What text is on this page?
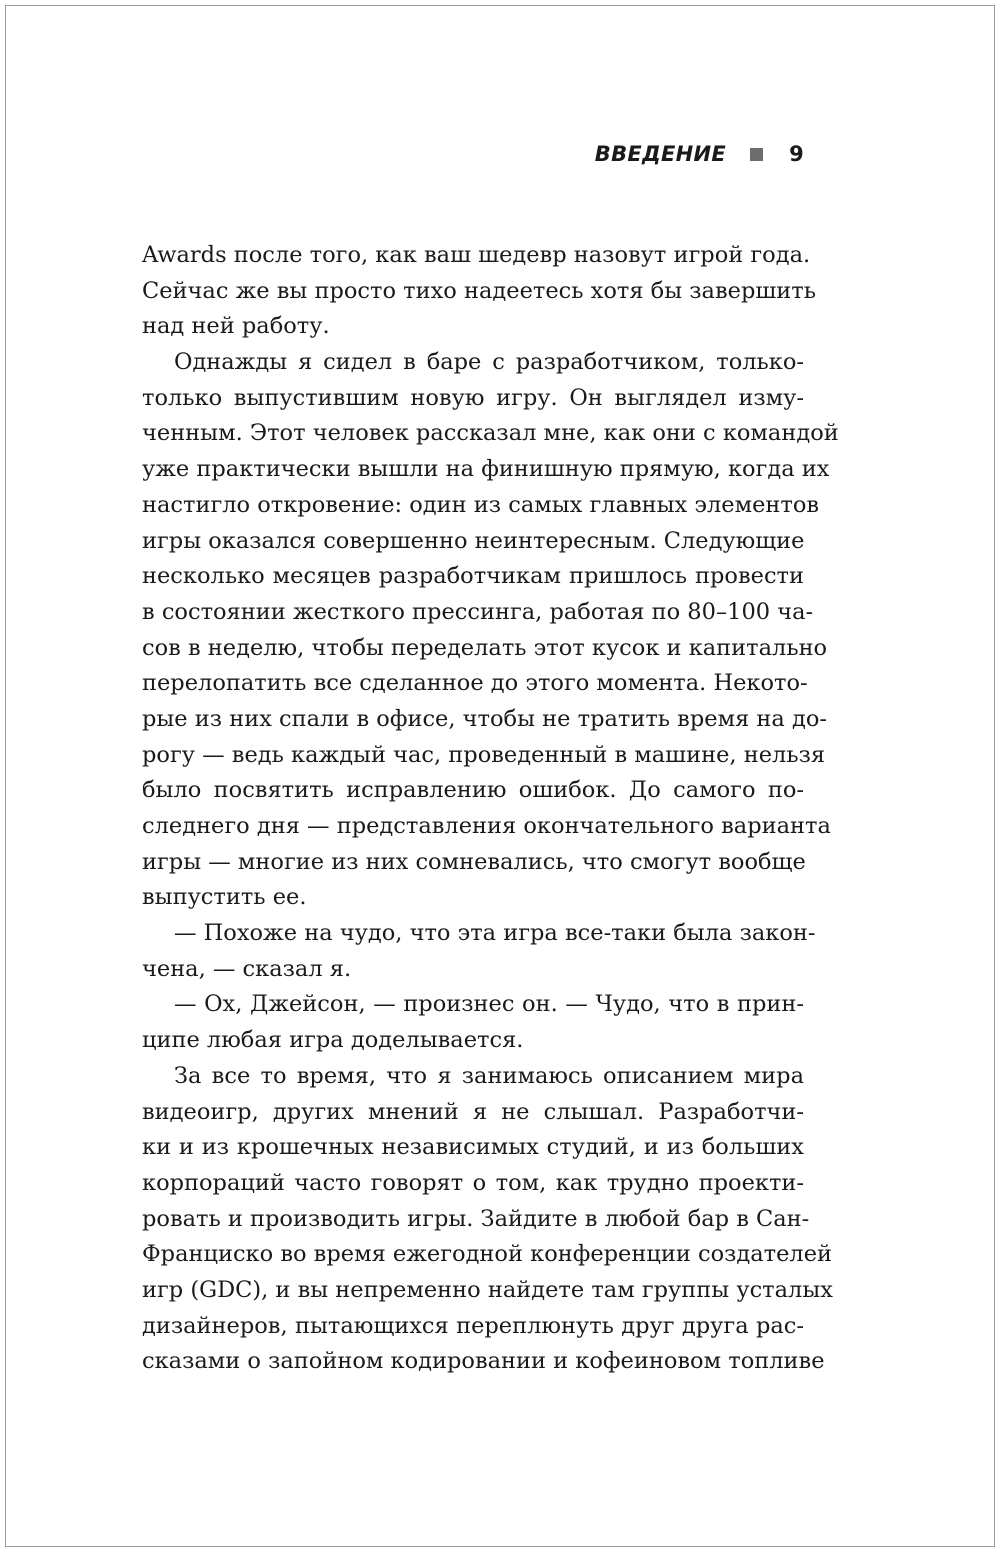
ВВЕДЕНИЕ	9
Awards после того, как ваш шедевр назовут игрой года.
Сейчас же вы просто тихо надеетесь хотя бы завершить
над ней работу.
Однажды я сидел в баре с разработчиком, только-
только выпустившим новую игру. Он выглядел изму-
ченным. Этот человек рассказал мне, как они с командой
уже практически вышли на финишную прямую, когда их
настигло откровение: один из самых главных элементов
игры оказался совершенно неинтересным. Следующие
несколько месяцев разработчикам пришлось провести
в состоянии жесткого прессинга, работая по 80–100 ча-
сов в неделю, чтобы переделать этот кусок и капитально
перелопатить все сделанное до этого момента. Некото-
рые из них спали в офисе, чтобы не тратить время на до-
рогу — ведь каждый час, проведенный в машине, нельзя
было посвятить исправлению ошибок. До самого по-
следнего дня — представления окончательного варианта
игры — многие из них сомневались, что смогут вообще
выпустить ее.
— Похоже на чудо, что эта игра все-таки была закон-
чена, — сказал я.
— Ох, Джейсон, — произнес он. — Чудо, что в прин-
ципе любая игра доделывается.
За все то время, что я занимаюсь описанием мира
видеоигр, других мнений я не слышал. Разработчи-
ки и из крошечных независимых студий, и из больших
корпораций часто говорят о том, как трудно проекти-
ровать и производить игры. Зайдите в любой бар в Сан-
Франциско во время ежегодной конференции создателей
игр (GDC), и вы непременно найдете там группы усталых
дизайнеров, пытающихся переплюнуть друг друга рас-
сказами о запойном кодировании и кофеиновом топливе
